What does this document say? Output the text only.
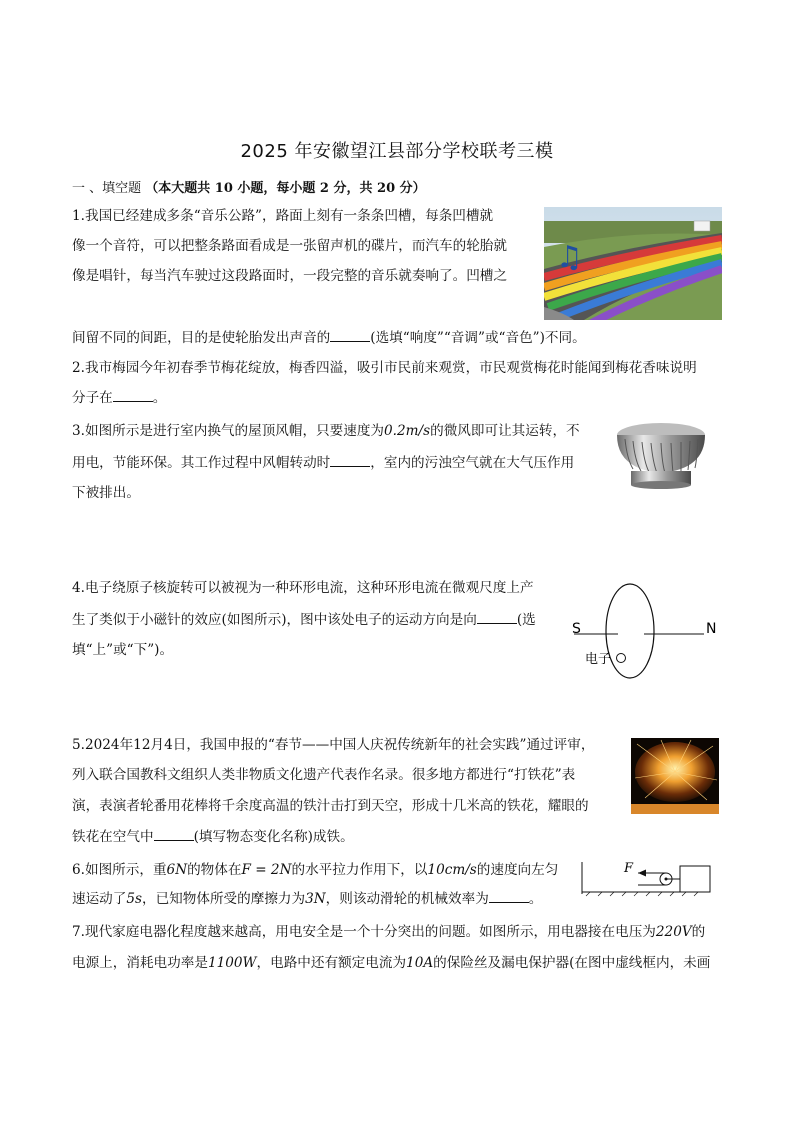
2025 年安徽望江县部分学校联考三模
一 、填空题 （本大题共 10 小题，每小题 2 分，共 20 分）
1.我国已经建成多条“音乐公路”，路面上刻有一条条凹槽，每条凹槽就
像一个音符，可以把整条路面看成是一张留声机的碟片，而汽车的轮胎就
像是唱针，每当汽车驶过这段路面时，一段完整的音乐就奏响了。凹槽之
间留不同的间距，目的是使轮胎发出声音的	(选填“响度”“音调”或“音色”)不同。
♫
2.我市梅园今年初春季节梅花绽放，梅香四溢，吸引市民前来观赏，市民观赏梅花时能闻到梅花香味说明
分子在	。
3.如图所示是进行室内换气的屋顶风帽，只要速度为0.2m/s的微风即可让其运转，不
用电，节能环保。其工作过程中风帽转动时	，室内的污浊空气就在大气压作用
下被排出。
4.电子绕原子核旋转可以被视为一种环形电流，这种环形电流在微观尺度上产
生了类似于小磁针的效应(如图所示)，图中该处电子的运动方向是向	(选
填“上”或“下”)。
S	N
电子
5.2024年12月4日，我国申报的“春节——中国人庆祝传统新年的社会实践”通过评审，
列入联合国教科文组织人类非物质文化遗产代表作名录。很多地方都进行“打铁花”表
演，表演者轮番用花棒将千余度高温的铁汁击打到天空，形成十几米高的铁花，耀眼的
铁花在空气中	(填写物态变化名称)成铁。
6.如图所示，重6N的物体在F = 2N的水平拉力作用下，以10cm/s的速度向左匀
速运动了5s，已知物体所受的摩擦力为3N，则该动滑轮的机械效率为	。
F
7.现代家庭电器化程度越来越高，用电安全是一个十分突出的问题。如图所示，用电器接在电压为220V的
电源上，消耗电功率是1100W，电路中还有额定电流为10A的保险丝及漏电保护器(在图中虚线框内，未画
